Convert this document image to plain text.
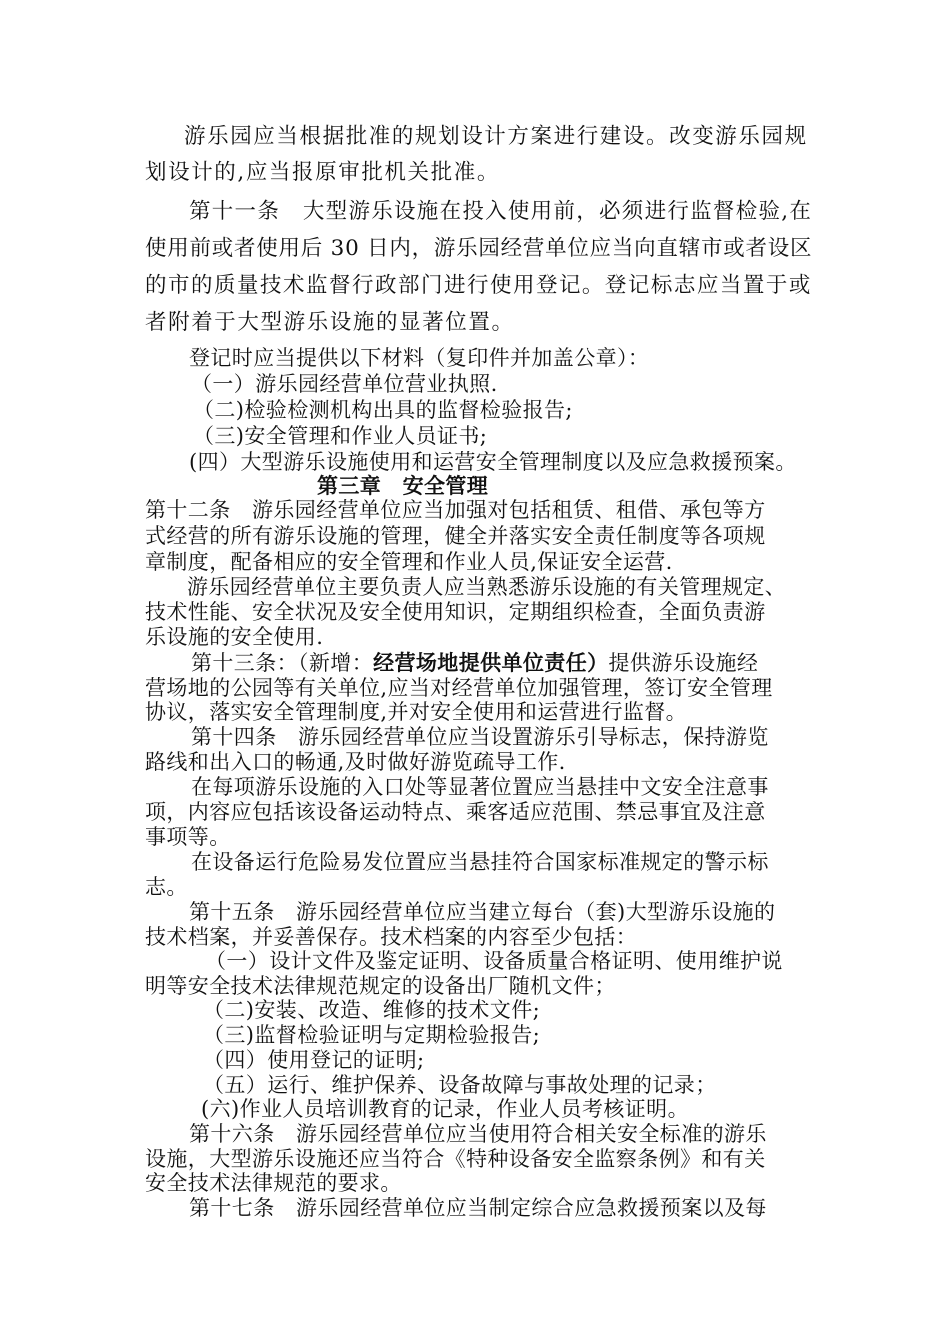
游乐园应当根据批准的规划设计方案进行建设。改变游乐园规
划设计的,应当报原审批机关批准。
第十一条　大型游乐设施在投入使用前，必须进行监督检验,在
使用前或者使用后 30 日内，游乐园经营单位应当向直辖市或者设区
的市的质量技术监督行政部门进行使用登记。登记标志应当置于或
者附着于大型游乐设施的显著位置。
登记时应当提供以下材料（复印件并加盖公章）：
（一）游乐园经营单位营业执照.
（二)检验检测机构出具的监督检验报告;
（三)安全管理和作业人员证书;
(四）大型游乐设施使用和运营安全管理制度以及应急救援预案。
第三章　安全管理
第十二条　游乐园经营单位应当加强对包括租赁、租借、承包等方
式经营的所有游乐设施的管理，健全并落实安全责任制度等各项规
章制度，配备相应的安全管理和作业人员,保证安全运营.
游乐园经营单位主要负责人应当熟悉游乐设施的有关管理规定、
技术性能、安全状况及安全使用知识，定期组织检查，全面负责游
乐设施的安全使用.
第十三条：（新增：经营场地提供单位责任）提供游乐设施经
营场地的公园等有关单位,应当对经营单位加强管理，签订安全管理
协议，落实安全管理制度,并对安全使用和运营进行监督。
第十四条　游乐园经营单位应当设置游乐引导标志，保持游览
路线和出入口的畅通,及时做好游览疏导工作.
在每项游乐设施的入口处等显著位置应当悬挂中文安全注意事
项，内容应包括该设备运动特点、乘客适应范围、禁忌事宜及注意
事项等。
在设备运行危险易发位置应当悬挂符合国家标准规定的警示标
志。
第十五条　游乐园经营单位应当建立每台（套)大型游乐设施的
技术档案，并妥善保存。技术档案的内容至少包括：
（一）设计文件及鉴定证明、设备质量合格证明、使用维护说
明等安全技术法律规范规定的设备出厂随机文件；
（二)安装、改造、维修的技术文件;
（三)监督检验证明与定期检验报告;
（四）使用登记的证明;
（五）运行、维护保养、设备故障与事故处理的记录；
(六)作业人员培训教育的记录，作业人员考核证明。
第十六条　游乐园经营单位应当使用符合相关安全标准的游乐
设施，大型游乐设施还应当符合《特种设备安全监察条例》和有关
安全技术法律规范的要求。
第十七条　游乐园经营单位应当制定综合应急救援预案以及每
